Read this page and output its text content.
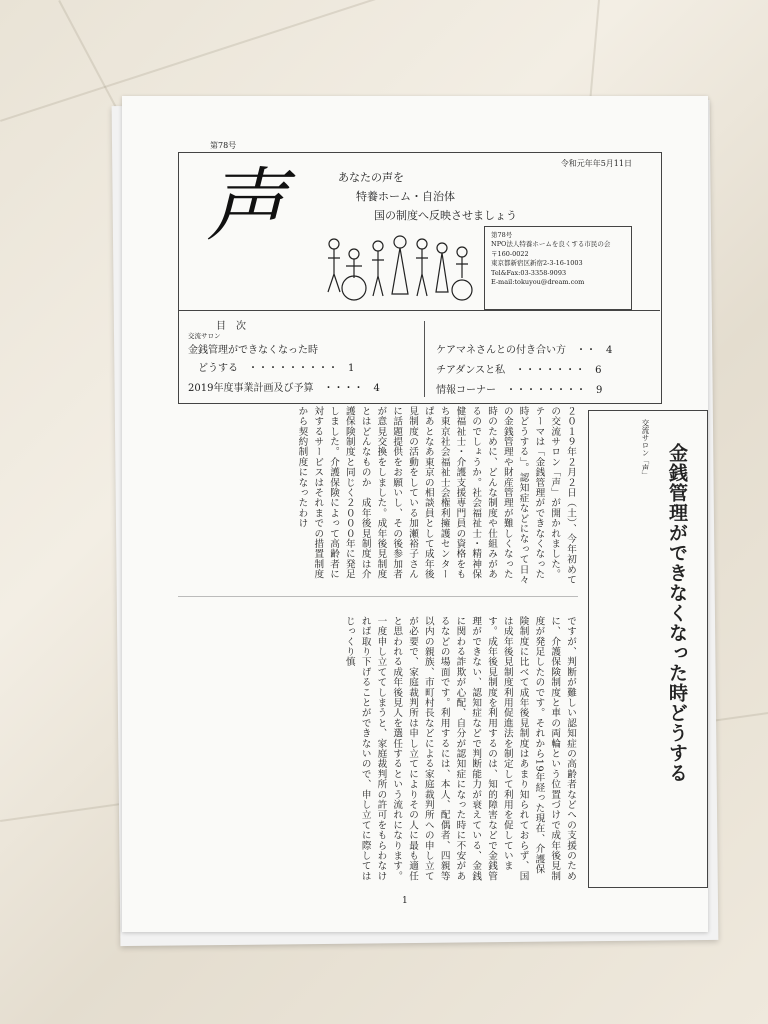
第78号
令和元年年5月11日
声	あなたの声を
特養ホーム・自治体
国の制度へ反映させましょう
第78号
NPO法人特養ホームを良くする市民の会
〒160-0022
東京都新宿区新宿2-3-16-1003
Tel&Fax:03-3358-9093
E-mail:tokuyou@dream.com
目　次
交流サロン
金銭管理ができなくなった時
　どうする　・・・・・・・・・　1
2019年度事業計画及び予算　・・・・　4
ケアマネさんとの付き合い方　・・　4
チアダンスと私　・・・・・・・　6
情報コーナー　・・・・・・・・　9
２０１９年２月２日（土）、今年初めての交流サロン「声」が開かれました。テーマは「金銭管理ができなくなった時どうする」。認知症などになって日々の金銭管理や財産管理が難しくなった時のために、どんな制度や仕組みがあるのでしょうか。社会福祉士・精神保健福祉士・介護支援専門員の資格をもち東京社会福祉士会権利擁護センターぱあとなあ東京の相談員として成年後見制度の活動をしている加瀬裕子さんに話題提供をお願いし、その後参加者が意見交換をしました。成年後見制度とはどんなものか　成年後見制度は介護保険制度と同じく２０００年に発足しました。介護保険によって高齢者に対するサービスはそれまでの措置制度から契約制度になったわけ
ですが、判断が難しい認知症の高齢者などへの支援のために、介護保険制度と車の両輪という位置づけで成年後見制度が発足したのです。それから19年経った現在、介護保険制度に比べて成年後見制度はあまり知られておらず、国は成年後見制度利用促進法を制定して利用を促しています。成年後見制度を利用するのは、知的障害などで金銭管理ができない、認知症などで判断能力が衰えている、金銭に関わる詐欺が心配、自分が認知症になった時に不安があるなどの場面です。利用するには、本人、配偶者、四親等以内の親族、市町村長などによる家庭裁判所への申し立てが必要で、家庭裁判所は申し立てによりその人に最も適任と思われる成年後見人を選任するという流れになります。一度申し立ててしまうと、家庭裁判所の許可をもらわなければ取り下げることができないので、申し立てに際してはじっくり慎
交流サロン「声」 金銭管理ができなくなった時どうする
1
